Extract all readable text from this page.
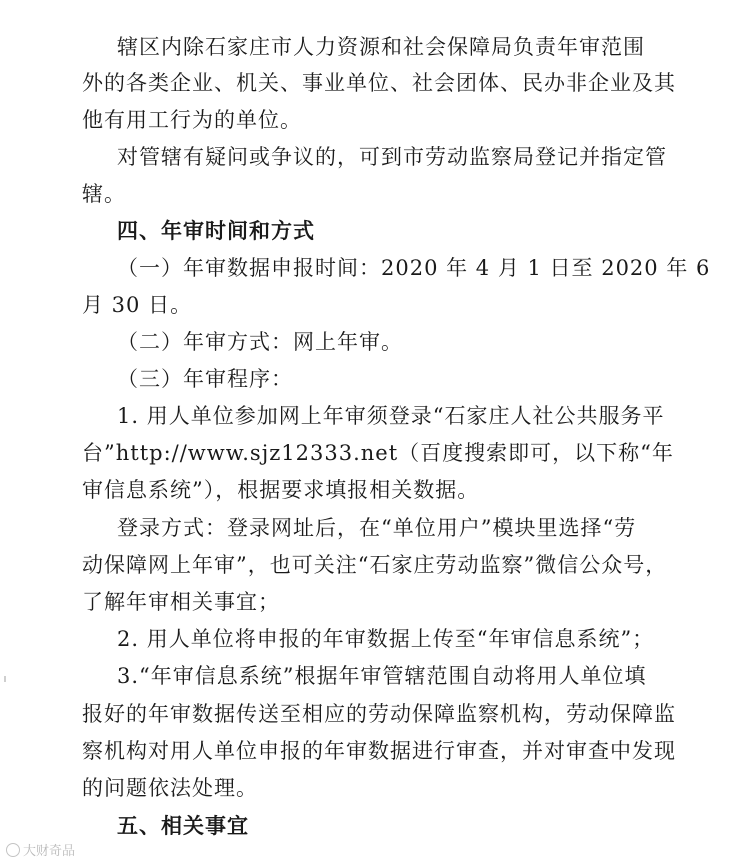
辖区内除石家庄市人力资源和社会保障局负责年审范围
外的各类企业、机关、事业单位、社会团体、民办非企业及其
他有用工行为的单位。
对管辖有疑问或争议的，可到市劳动监察局登记并指定管
辖。
四、年审时间和方式
（一）年审数据申报时间：2020 年 4 月 1 日至 2020 年 6
月 30 日。
（二）年审方式：网上年审。
（三）年审程序：
1. 用人单位参加网上年审须登录“石家庄人社公共服务平
台”http://www.sjz12333.net（百度搜索即可，以下称“年
审信息系统”），根据要求填报相关数据。
登录方式：登录网址后，在“单位用户”模块里选择“劳
动保障网上年审”，也可关注“石家庄劳动监察”微信公众号，
了解年审相关事宜；
2. 用人单位将申报的年审数据上传至“年审信息系统”；
3.“年审信息系统”根据年审管辖范围自动将用人单位填
报好的年审数据传送至相应的劳动保障监察机构，劳动保障监
察机构对用人单位申报的年审数据进行审查，并对审查中发现
的问题依法处理。
五、相关事宜
大财奇品
